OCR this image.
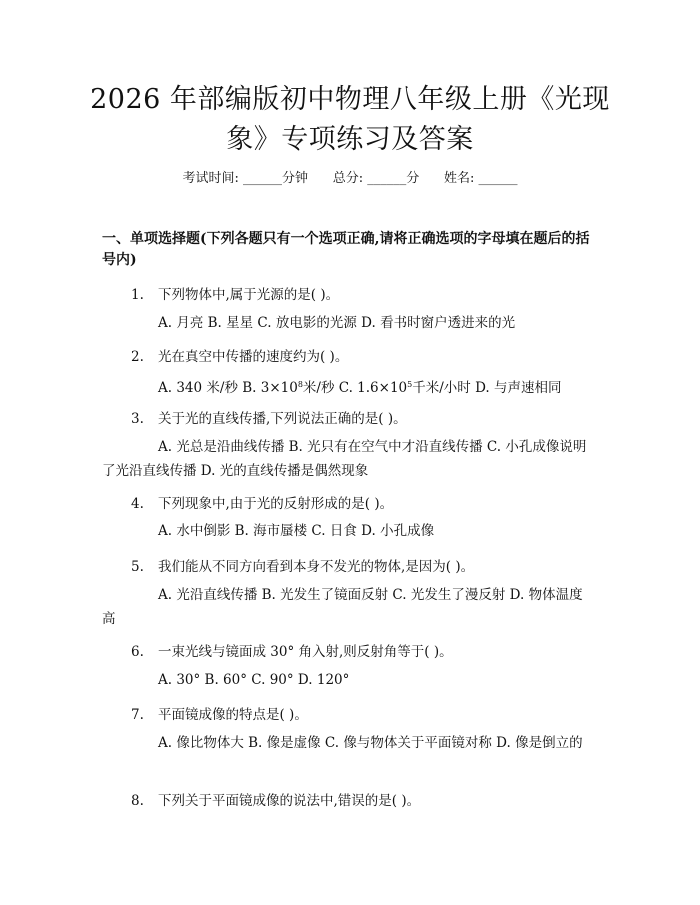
2026 年部编版初中物理八年级上册《光现
象》专项练习及答案
考试时间: ______分钟      总分: ______分      姓名: ______
一、单项选择题(下列各题只有一个选项正确,请将正确选项的字母填在题后的括号内)
1. 下列物体中,属于光源的是( )。
A. 月亮 B. 星星 C. 放电影的光源 D. 看书时窗户透进来的光
2. 光在真空中传播的速度约为( )。
A. 340 米/秒 B. $3\times 10^8$米/秒 C. $1.6\times 10^5$千米/小时 D. 与声速相同
3. 关于光的直线传播,下列说法正确的是( )。
A. 光总是沿曲线传播 B. 光只有在空气中才沿直线传播 C. 小孔成像说明了光沿直线传播 D. 光的直线传播是偶然现象
4. 下列现象中,由于光的反射形成的是( )。
A. 水中倒影 B. 海市蜃楼 C. 日食 D. 小孔成像
5. 我们能从不同方向看到本身不发光的物体,是因为( )。
A. 光沿直线传播 B. 光发生了镜面反射 C. 光发生了漫反射 D. 物体温度高
6. 一束光线与镜面成 30° 角入射,则反射角等于( )。
A. 30° B. 60° C. 90° D. 120°
7. 平面镜成像的特点是( )。
A. 像比物体大 B. 像是虚像 C. 像与物体关于平面镜对称 D. 像是倒立的
8. 下列关于平面镜成像的说法中,错误的是( )。
